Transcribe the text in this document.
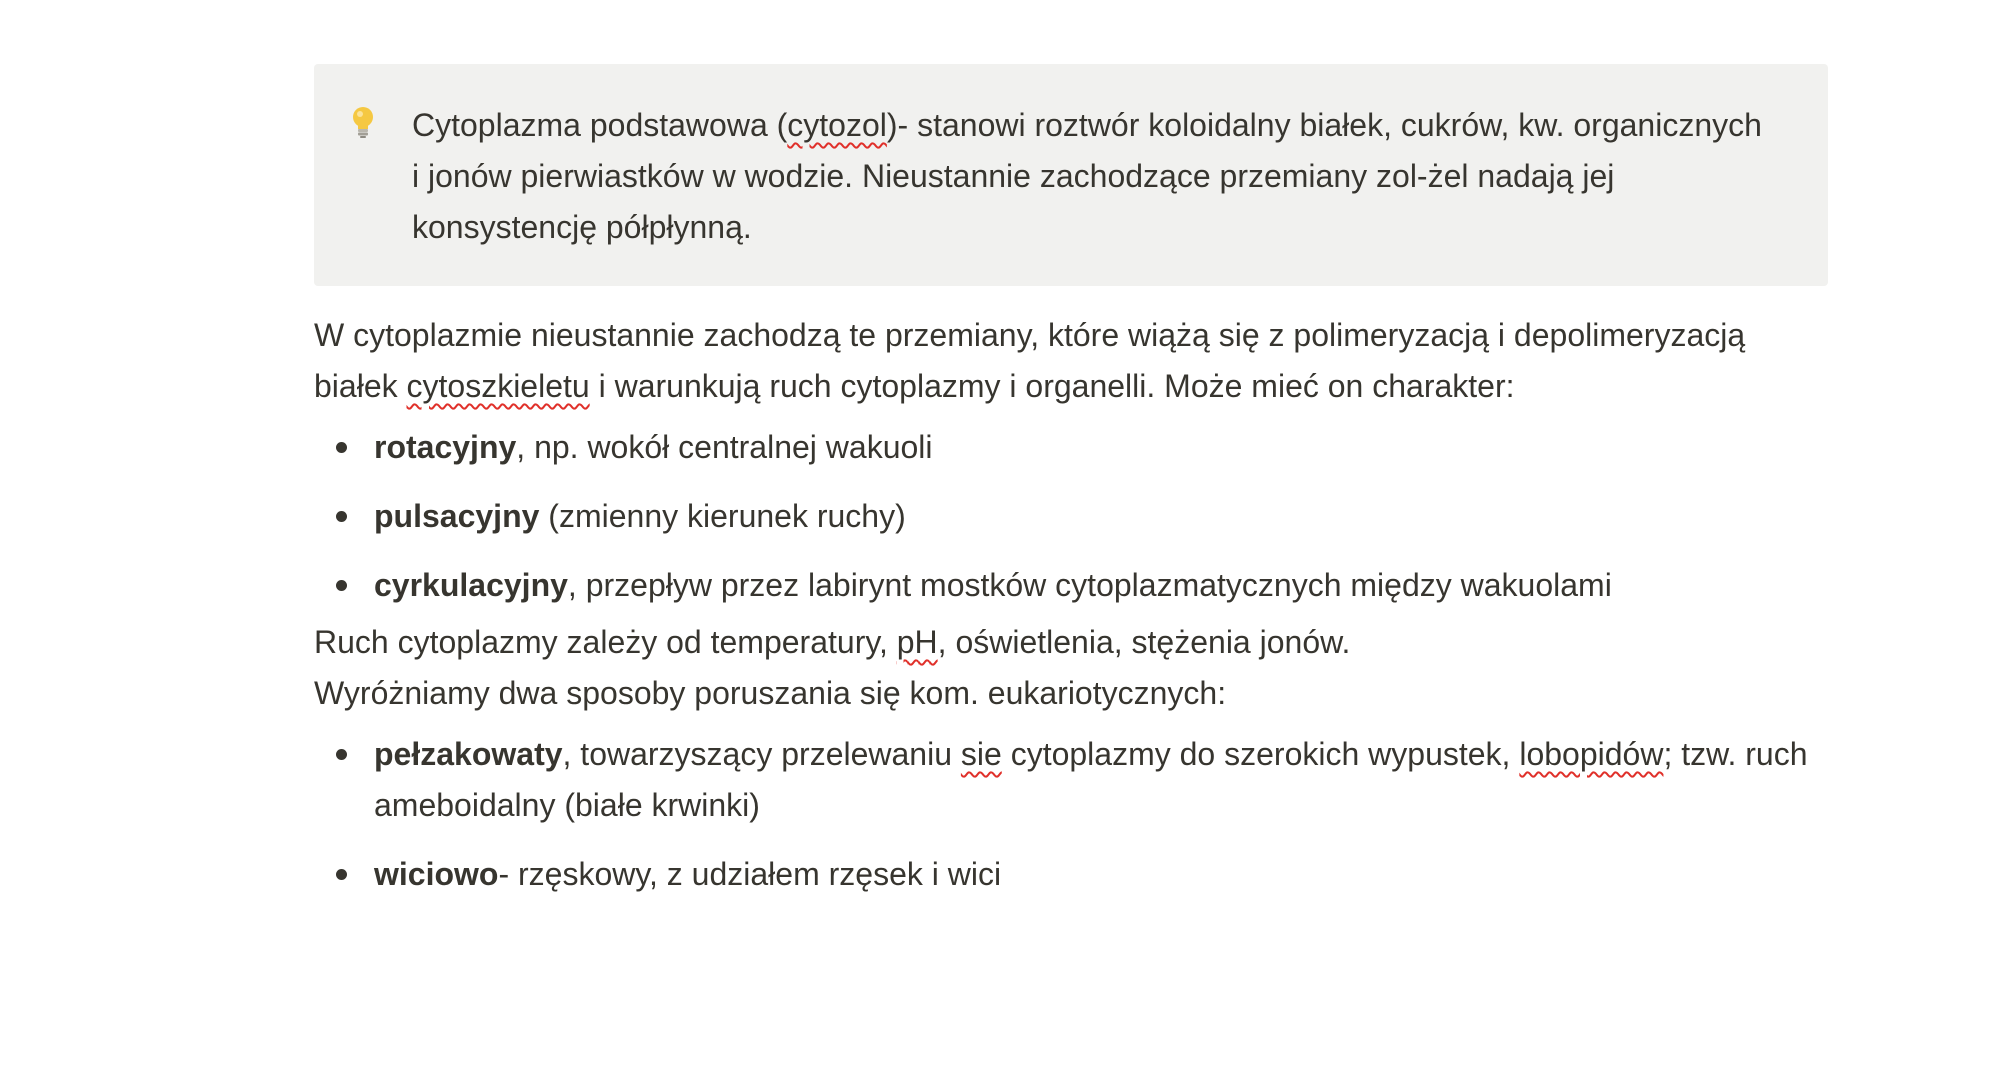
Cytoplazma podstawowa (cytozol)- stanowi roztwór koloidalny białek, cukrów, kw. organicznych i jonów pierwiastków w wodzie. Nieustannie zachodzące przemiany zol-żel nadają jej konsystencję półpłynną.

W cytoplazmie nieustannie zachodzą te przemiany, które wiążą się z polimeryzacją i depolimeryzacją białek cytoszkieletu i warunkują ruch cytoplazmy i organelli. Może mieć on charakter:

rotacyjny, np. wokół centralnej wakuoli
pulsacyjny (zmienny kierunek ruchy)
cyrkulacyjny, przepływ przez labirynt mostków cytoplazmatycznych między wakuolami

Ruch cytoplazmy zależy od temperatury, pH, oświetlenia, stężenia jonów.
Wyróżniamy dwa sposoby poruszania się kom. eukariotycznych:

pełzakowaty, towarzyszący przelewaniu sie cytoplazmy do szerokich wypustek, lobopidów; tzw. ruch ameboidalny (białe krwinki)
wiciowo- rzęskowy, z udziałem rzęsek i wici
